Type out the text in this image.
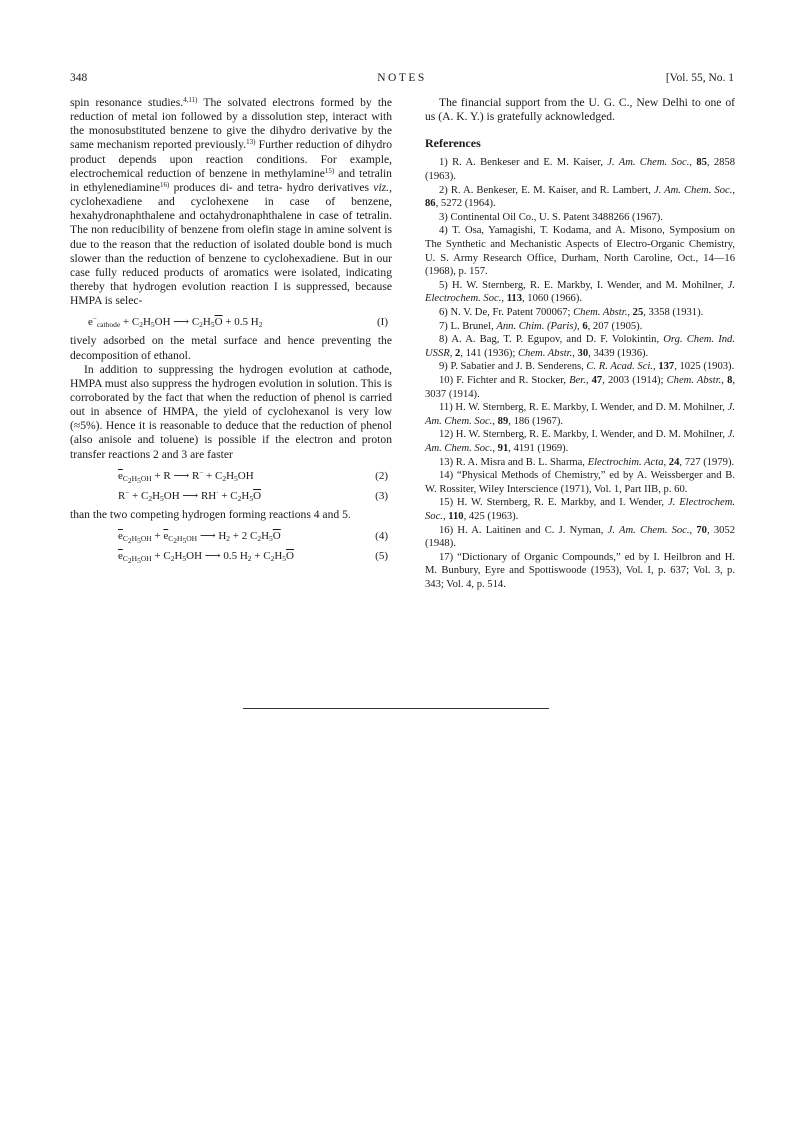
NOTES
348	[Vol. 55, No. 1

spin resonance studies.$^{4,11)}$ The solvated electrons formed by the reduction of metal ion followed by a dissolution step, interact with the monosubstituted benzene to give the dihydro derivative by the same mechanism reported previously.$^{13)}$ Further reduction of dihydro product depends upon reaction conditions. For example, electrochemical reduction of benzene in methylamine$^{15)}$ and tetralin in ethylenediamine$^{16)}$ produces di- and tetra- hydro derivatives viz., cyclohexadiene and cyclohexene in case of benzene, hexahydronaphthalene and octahydronaphthalene in case of tetralin. The non reducibility of benzene from olefin stage in amine solvent is due to the reason that the reduction of isolated double bond is much slower than the reduction of benzene to cyclohexadiene. But in our case fully reduced products of aromatics were isolated, indicating thereby that hydrogen evolution reaction I is suppressed, because HMPA is selec-

$e^-_{cathode} + C_2H_5OH$ ⟶ $C_2H_5\overline{O} + 0.5$ $H_2$	(I)

tively adsorbed on the metal surface and hence preventing the decomposition of ethanol.

In addition to suppressing the hydrogen evolution at cathode, HMPA must also suppress the hydrogen evolution in solution. This is corroborated by the fact that when the reduction of phenol is carried out in absence of HMPA, the yield of cyclohexanol is very low (≈5%). Hence it is reasonable to deduce that the reduction of phenol (also anisole and toluene) is possible if the electron and proton transfer reactions 2 and 3 are faster

$\overline{e}_{C_2H_5OH} + R$ ⟶ $R^- + C_2H_5OH$	(2)
$R^- + C_2H_5OH$ ⟶ $RH^\cdot + C_2H_5\overline{O}$	(3)

than the two competing hydrogen forming reactions 4 and 5.

$\overline{e}_{C_2H_5OH} + \overline{e}_{C_2H_5OH}$ ⟶ $H_2 + 2$ $C_2H_5\overline{O}$	(4)
$\overline{e}_{C_2H_5OH} + C_2H_5OH$ ⟶ 0.5 $H_2 + C_2H_5\overline{O}$	(5)

The financial support from the U. G. C., New Delhi to one of us (A. K. Y.) is gratefully acknowledged.

References

1) R. A. Benkeser and E. M. Kaiser, J. Am. Chem. Soc., 85, 2858 (1963).

2) R. A. Benkeser, E. M. Kaiser, and R. Lambert, J. Am. Chem. Soc., 86, 5272 (1964).

3) Continental Oil Co., U. S. Patent 3488266 (1967).

4) T. Osa, Yamagishi, T. Kodama, and A. Misono, Symposium on The Synthetic and Mechanistic Aspects of Electro-Organic Chemistry, U. S. Army Research Office, Durham, North Caroline, Oct., 14—16 (1968), p. 157.

5) H. W. Sternberg, R. E. Markby, I. Wender, and M. Mohilner, J. Electrochem. Soc., 113, 1060 (1966).

6) N. V. De, Fr. Patent 700067; Chem. Abstr., 25, 3358 (1931).

7) L. Brunel, Ann. Chim. (Paris), 6, 207 (1905).

8) A. A. Bag, T. P. Egupov, and D. F. Volokintin, Org. Chem. Ind. USSR, 2, 141 (1936); Chem. Abstr., 30, 3439 (1936).

9) P. Sabatier and J. B. Senderens, C. R. Acad. Sci., 137, 1025 (1903).

10) F. Fichter and R. Stocker, Ber., 47, 2003 (1914); Chem. Abstr., 8, 3037 (1914).

11) H. W. Sternberg, R. E. Markby, I. Wender, and D. M. Mohilner, J. Am. Chem. Soc., 89, 186 (1967).

12) H. W. Sternberg, R. E. Markby, I. Wender, and D. M. Mohilner, J. Am. Chem. Soc., 91, 4191 (1969).

13) R. A. Misra and B. L. Sharma, Electrochim. Acta, 24, 727 (1979).

14) “Physical Methods of Chemistry,” ed by A. Weissberger and B. W. Rossiter, Wiley Interscience (1971), Vol. 1, Part IIB, p. 60.

15) H. W. Sternberg, R. E. Markby, and I. Wender, J. Electrochem. Soc., 110, 425 (1963).

16) H. A. Laitinen and C. J. Nyman, J. Am. Chem. Soc., 70, 3052 (1948).

17) “Dictionary of Organic Compounds,” ed by I. Heilbron and H. M. Bunbury, Eyre and Spottiswoode (1953), Vol. I, p. 637; Vol. 3, p. 343; Vol. 4, p. 514.
